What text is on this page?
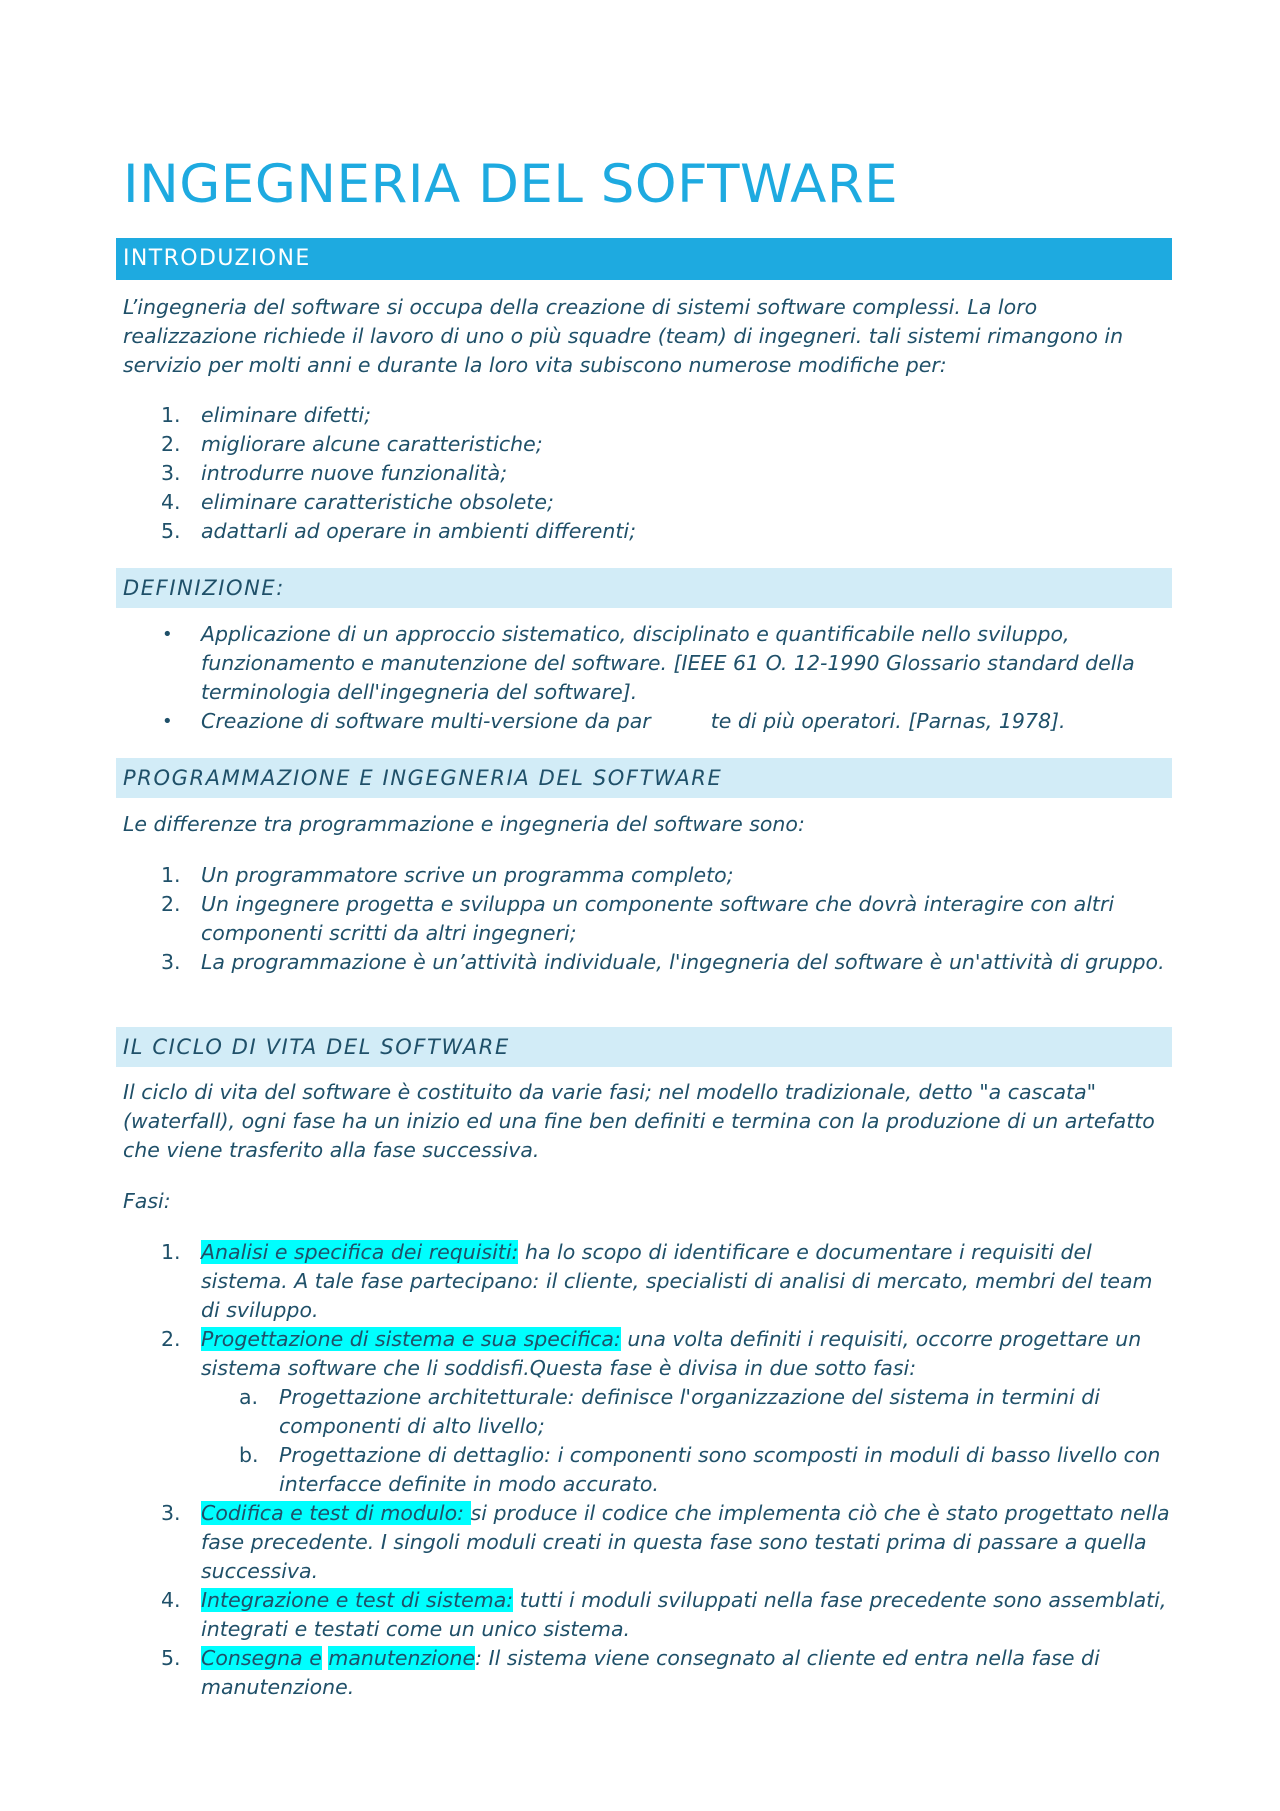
INGEGNERIA DEL SOFTWARE
INTRODUZIONE

L’ingegneria del software si occupa della creazione di sistemi software complessi. La loro realizzazione richiede il lavoro di uno o più squadre (team) di ingegneri. tali sistemi rimangono in servizio per molti anni e durante la loro vita subiscono numerose modifiche per:

1. eliminare difetti;
2. migliorare alcune caratteristiche;
3. introdurre nuove funzionalità;
4. eliminare caratteristiche obsolete;
5. adattarli ad operare in ambienti differenti;
DEFINIZIONE:
• Applicazione di un approccio sistematico, disciplinato e quantificabile nello sviluppo, funzionamento e manutenzione del software. [IEEE 61 O. 12-1990 Glossario standard della terminologia dell'ingegneria del software].
• Creazione di software multi-versione da par	te di più operatori. [Parnas, 1978].
PROGRAMMAZIONE E INGEGNERIA DEL SOFTWARE

Le differenze tra programmazione e ingegneria del software sono:

1. Un programmatore scrive un programma completo;
2. Un ingegnere progetta e sviluppa un componente software che dovrà interagire con altri componenti scritti da altri ingegneri;
3. La programmazione è un’attività individuale, l'ingegneria del software è un'attività di gruppo.
IL CICLO DI VITA DEL SOFTWARE

Il ciclo di vita del software è costituito da varie fasi; nel modello tradizionale, detto "a cascata" (waterfall), ogni fase ha un inizio ed una fine ben definiti e termina con la produzione di un artefatto che viene trasferito alla fase successiva.

Fasi:

1. Analisi e specifica dei requisiti: ha lo scopo di identificare e documentare i requisiti del sistema. A tale fase partecipano: il cliente, specialisti di analisi di mercato, membri del team di sviluppo.
2. Progettazione di sistema e sua specifica: una volta definiti i requisiti, occorre progettare un sistema software che li soddisfi.Questa fase è divisa in due sotto fasi:
a. Progettazione architetturale: definisce l'organizzazione del sistema in termini di componenti di alto livello;
b. Progettazione di dettaglio: i componenti sono scomposti in moduli di basso livello con interfacce definite in modo accurato.
3. Codifica e test di modulo: si produce il codice che implementa ciò che è stato progettato nella fase precedente. I singoli moduli creati in questa fase sono testati prima di passare a quella successiva.
4. Integrazione e test di sistema: tutti i moduli sviluppati nella fase precedente sono assemblati, integrati e testati come un unico sistema.
5. Consegna e manutenzione: Il sistema viene consegnato al cliente ed entra nella fase di manutenzione.
